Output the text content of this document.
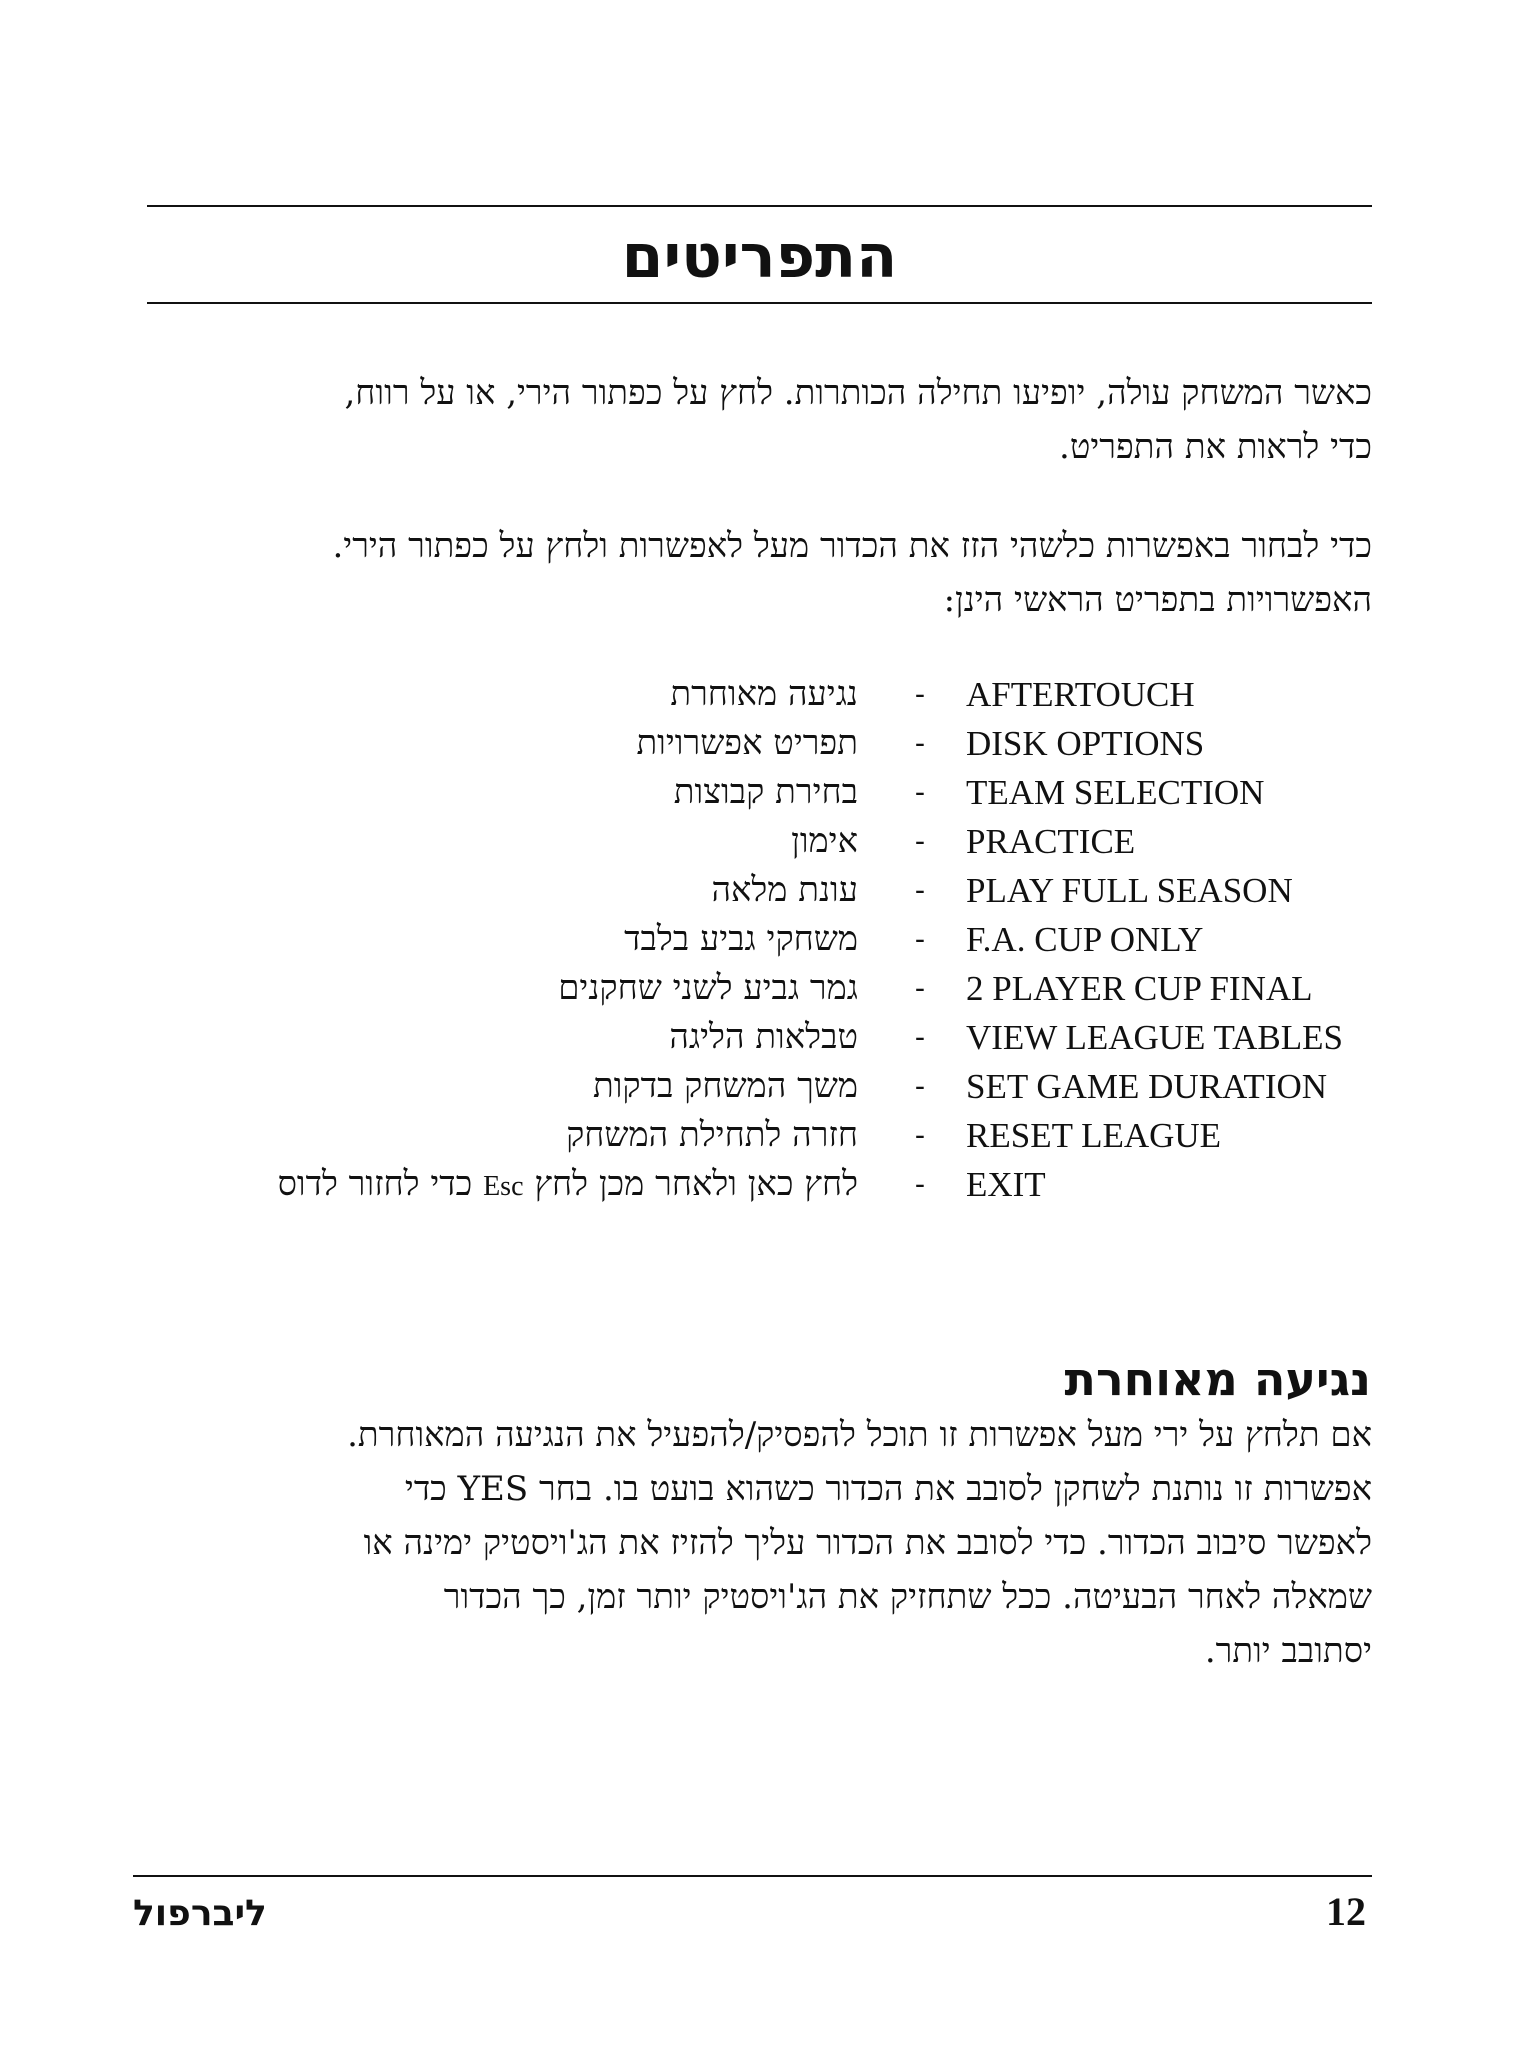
התפריטים

כאשר המשחק עולה, יופיעו תחילה הכותרות. לחץ על כפתור הירי, או על רווח,
כדי לראות את התפריט.

כדי לבחור באפשרות כלשהי הזז את הכדור מעל לאפשרות ולחץ על כפתור הירי.
האפשרויות בתפריט הראשי הינן:

AFTERTOUCH
-
נגיעה מאוחרת
DISK OPTIONS
-
תפריט אפשרויות
TEAM SELECTION
-
בחירת קבוצות
PRACTICE
-
אימון
PLAY FULL SEASON
-
עונת מלאה
F.A. CUP ONLY
-
משחקי גביע בלבד
2 PLAYER CUP FINAL
-
גמר גביע לשני שחקנים
VIEW LEAGUE TABLES
-
טבלאות הליגה
SET GAME DURATION
-
משך המשחק בדקות
RESET LEAGUE
-
חזרה לתחילת המשחק
EXIT
-
לחץ כאן ולאחר מכן לחץ Esc כדי לחזור לדוס
נגיעה מאוחרת

אם תלחץ על ירי מעל אפשרות זו תוכל להפסיק/להפעיל את הנגיעה המאוחרת.
אפשרות זו נותנת לשחקן לסובב את הכדור כשהוא בועט בו. בחר YES כדי
לאפשר סיבוב הכדור. כדי לסובב את הכדור עליך להזיז את הג'ויסטיק ימינה או
שמאלה לאחר הבעיטה. ככל שתחזיק את הג'ויסטיק יותר זמן, כך הכדור
יסתובב יותר.

ליברפול	12
